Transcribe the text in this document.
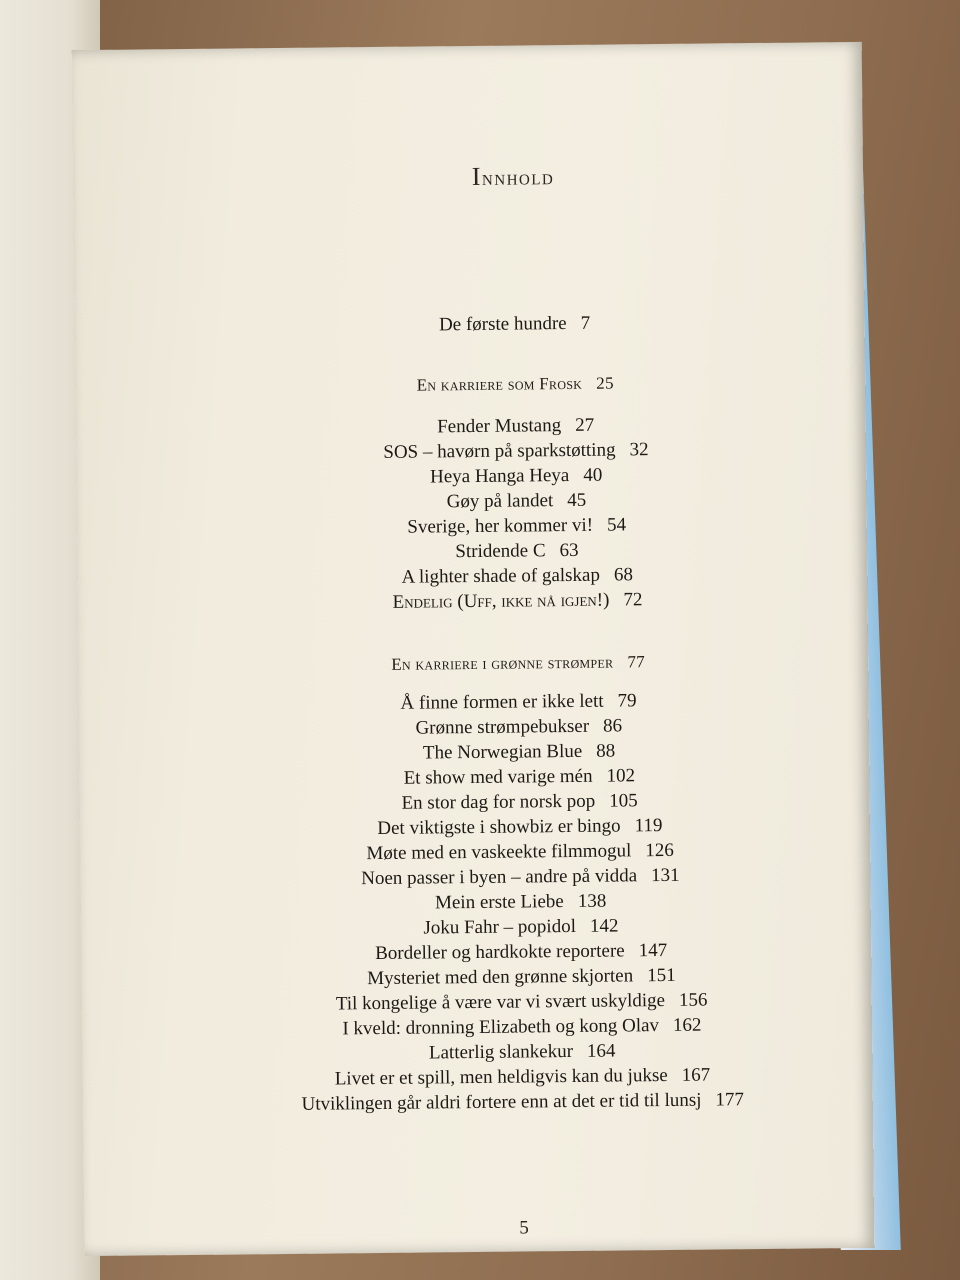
Innhold
De første hundre 7
En karriere som Frosk 25
Fender Mustang 27
SOS – havørn på sparkstøtting 32
Heya Hanga Heya 40
Gøy på landet 45
Sverige, her kommer vi! 54
Stridende C 63
A lighter shade of galskap 68
Endelig (Uff, ikke nå igjen!) 72
En karriere i grønne strømper 77
Å finne formen er ikke lett 79
Grønne strømpebukser 86
The Norwegian Blue 88
Et show med varige mén 102
En stor dag for norsk pop 105
Det viktigste i showbiz er bingo 119
Møte med en vaskeekte filmmogul 126
Noen passer i byen – andre på vidda 131
Mein erste Liebe 138
Joku Fahr – popidol 142
Bordeller og hardkokte reportere 147
Mysteriet med den grønne skjorten 151
Til kongelige å være var vi svært uskyldige 156
I kveld: dronning Elizabeth og kong Olav 162
Latterlig slankekur 164
Livet er et spill, men heldigvis kan du jukse 167
Utviklingen går aldri fortere enn at det er tid til lunsj 177
5
